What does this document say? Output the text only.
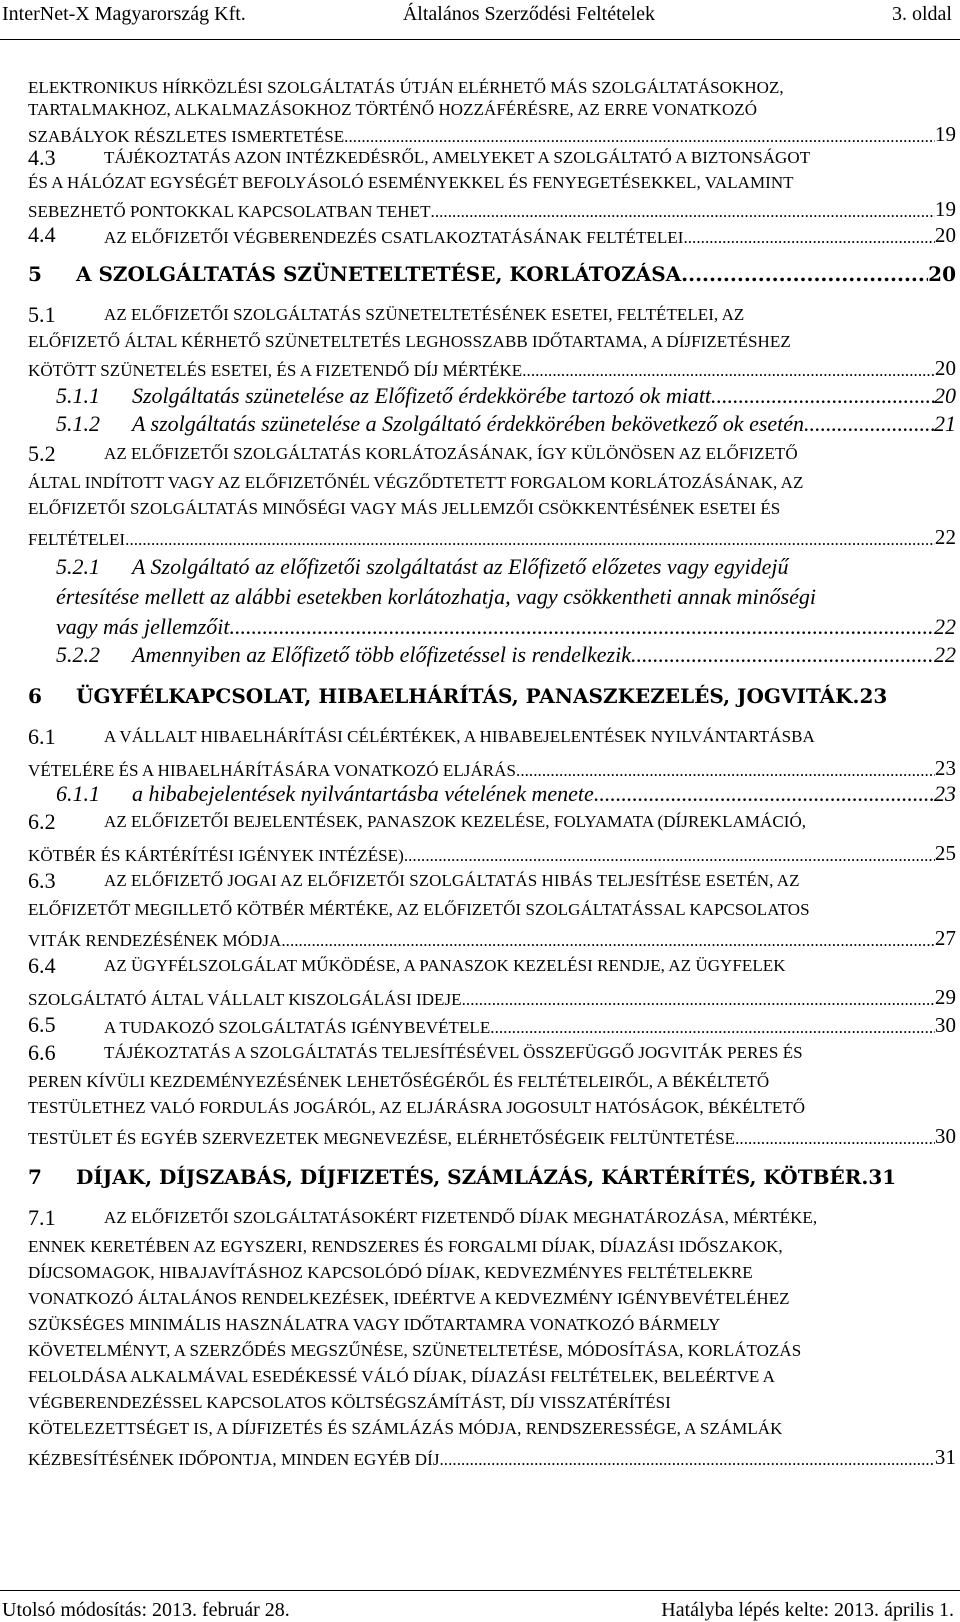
InterNet-X Magyarország Kft.	Általános Szerződési Feltételek	3. oldal
ELEKTRONIKUS HÍRKÖZLÉSI SZOLGÁLTATÁS ÚTJÁN ELÉRHETŐ MÁS SZOLGÁLTATÁSOKHOZ,
TARTALMAKHOZ, ALKALMAZÁSOKHOZ TÖRTÉNŐ HOZZÁFÉRÉSRE, AZ ERRE VONATKOZÓ
SZABÁLYOK RÉSZLETES ISMERTETÉSE .....	19
4.3	TÁJÉKOZTATÁS AZON INTÉZKEDÉSRŐL, AMELYEKET A SZOLGÁLTATÓ A BIZTONSÁGOT
ÉS A HÁLÓZAT EGYSÉGÉT BEFOLYÁSOLÓ ESEMÉNYEKKEL ÉS FENYEGETÉSEKKEL, VALAMINT
SEBEZHETŐ PONTOKKAL KAPCSOLATBAN TEHET .....	19
4.4	AZ ELŐFIZETŐI VÉGBERENDEZÉS CSATLAKOZTATÁSÁNAK FELTÉTELEI .....	20
5	A SZOLGÁLTATÁS SZÜNETELTETÉSE, KORLÁTOZÁSA .....	20
5.1	AZ ELŐFIZETŐI SZOLGÁLTATÁS SZÜNETELTETÉSÉNEK ESETEI, FELTÉTELEI, AZ
ELŐFIZETŐ ÁLTAL KÉRHETŐ SZÜNETELTETÉS LEGHOSSZABB IDŐTARTAMA, A DÍJFIZETÉSHEZ
KÖTÖTT SZÜNETELÉS ESETEI, ÉS A FIZETENDŐ DÍJ MÉRTÉKE .....	20
5.1.1	Szolgáltatás szünetelése az Előfizető érdekkörébe tartozó ok miatt .....	20
5.1.2	A szolgáltatás szünetelése a Szolgáltató érdekkörében bekövetkező ok esetén. .....	21
5.2	AZ ELŐFIZETŐI SZOLGÁLTATÁS KORLÁTOZÁSÁNAK, ÍGY KÜLÖNÖSEN AZ ELŐFIZETŐ
ÁLTAL INDÍTOTT VAGY AZ ELŐFIZETŐNÉL VÉGZŐDTETETT FORGALOM KORLÁTOZÁSÁNAK, AZ
ELŐFIZETŐI SZOLGÁLTATÁS MINŐSÉGI VAGY MÁS JELLEMZŐI CSÖKKENTÉSÉNEK ESETEI ÉS
FELTÉTELEI .....	22
5.2.1	A Szolgáltató az előfizetői szolgáltatást az Előfizető előzetes vagy egyidejű
értesítése mellett az alábbi esetekben korlátozhatja, vagy csökkentheti annak minőségi
vagy más jellemzőit .....	22
5.2.2	Amennyiben az Előfizető több előfizetéssel is rendelkezik .....	22
6	ÜGYFÉLKAPCSOLAT, HIBAELHÁRÍTÁS, PANASZKEZELÉS, JOGVITÁK. 23
6.1	A VÁLLALT HIBAELHÁRÍTÁSI CÉLÉRTÉKEK, A HIBABEJELENTÉSEK NYILVÁNTARTÁSBA
VÉTELÉRE ÉS A HIBAELHÁRÍTÁSÁRA VONATKOZÓ ELJÁRÁS .....	23
6.1.1	a hibabejelentések nyilvántartásba vételének menete .....	23
6.2	AZ ELŐFIZETŐI BEJELENTÉSEK, PANASZOK KEZELÉSE, FOLYAMATA (DÍJREKLAMÁCIÓ,
KÖTBÉR ÉS KÁRTÉRÍTÉSI IGÉNYEK INTÉZÉSE) .....	25
6.3	AZ ELŐFIZETŐ JOGAI AZ ELŐFIZETŐI SZOLGÁLTATÁS HIBÁS TELJESÍTÉSE ESETÉN, AZ
ELŐFIZETŐT MEGILLETŐ KÖTBÉR MÉRTÉKE, AZ ELŐFIZETŐI SZOLGÁLTATÁSSAL KAPCSOLATOS
VITÁK RENDEZÉSÉNEK MÓDJA .....	27
6.4	AZ ÜGYFÉLSZOLGÁLAT MŰKÖDÉSE, A PANASZOK KEZELÉSI RENDJE, AZ ÜGYFELEK
SZOLGÁLTATÓ ÁLTAL VÁLLALT KISZOLGÁLÁSI IDEJE .....	29
6.5	A TUDAKOZÓ SZOLGÁLTATÁS IGÉNYBEVÉTELE .....	30
6.6	TÁJÉKOZTATÁS A SZOLGÁLTATÁS TELJESÍTÉSÉVEL ÖSSZEFÜGGŐ JOGVITÁK PERES ÉS
PEREN KÍVÜLI KEZDEMÉNYEZÉSÉNEK LEHETŐSÉGÉRŐL ÉS FELTÉTELEIRŐL, A BÉKÉLTETŐ
TESTÜLETHEZ VALÓ FORDULÁS JOGÁRÓL, AZ ELJÁRÁSRA JOGOSULT HATÓSÁGOK, BÉKÉLTETŐ
TESTÜLET ÉS EGYÉB SZERVEZETEK MEGNEVEZÉSE, ELÉRHETŐSÉGEIK FELTÜNTETÉSE .....	30
7	DÍJAK, DÍJSZABÁS, DÍJFIZETÉS, SZÁMLÁZÁS, KÁRTÉRÍTÉS, KÖTBÉR. 31
7.1	AZ ELŐFIZETŐI SZOLGÁLTATÁSOKÉRT FIZETENDŐ DÍJAK MEGHATÁROZÁSA, MÉRTÉKE,
ENNEK KERETÉBEN AZ EGYSZERI, RENDSZERES ÉS FORGALMI DÍJAK, DÍJAZÁSI IDŐSZAKOK,
DÍJCSOMAGOK, HIBAJAVÍTÁSHOZ KAPCSOLÓDÓ DÍJAK, KEDVEZMÉNYES FELTÉTELEKRE
VONATKOZÓ ÁLTALÁNOS RENDELKEZÉSEK, IDEÉRTVE A KEDVEZMÉNY IGÉNYBEVÉTELÉHEZ
SZÜKSÉGES MINIMÁLIS HASZNÁLATRA VAGY IDŐTARTAMRA VONATKOZÓ BÁRMELY
KÖVETELMÉNYT, A SZERZŐDÉS MEGSZŰNÉSE, SZÜNETELTETÉSE, MÓDOSÍTÁSA, KORLÁTOZÁS
FELOLDÁSA ALKALMÁVAL ESEDÉKESSÉ VÁLÓ DÍJAK, DÍJAZÁSI FELTÉTELEK, BELEÉRTVE A
VÉGBERENDEZÉSSEL KAPCSOLATOS KÖLTSÉGSZÁMÍTÁST, DÍJ VISSZATÉRÍTÉSI
KÖTELEZETTSÉGET IS, A DÍJFIZETÉS ÉS SZÁMLÁZÁS MÓDJA, RENDSZERESSÉGE, A SZÁMLÁK
KÉZBESÍTÉSÉNEK IDŐPONTJA, MINDEN EGYÉB DÍJ .....	31
Utolsó módosítás: 2013. február 28.	Hatályba lépés kelte: 2013. április 1.
